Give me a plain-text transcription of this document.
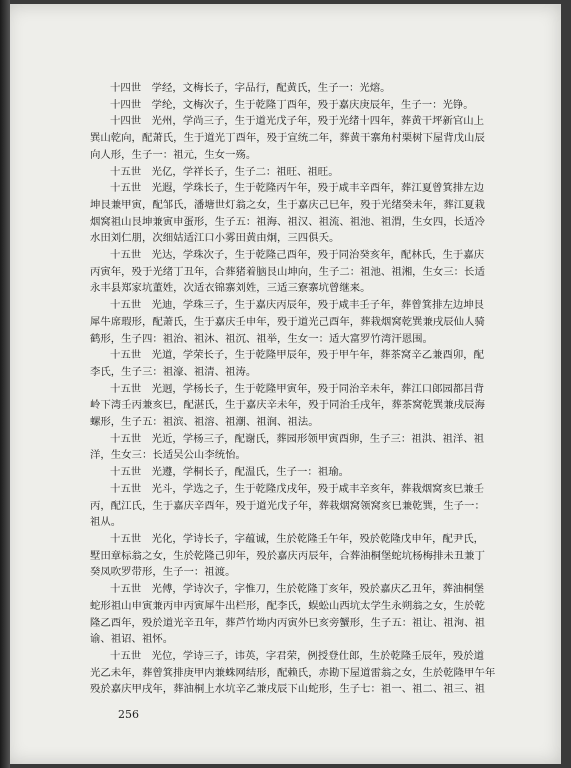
十四世　学经，文梅长子，字品行，配黄氏，生子一：光熔。

十四世　学纶，文梅次子，生于乾隆丁酉年，殁于嘉庆庚辰年，生子一：光铮。

十四世　光州，学尚三子，生于道光戊子年，殁于光绪十四年，葬黄干坪新官山上
巽山乾向，配萧氏，生于道光丁酉年，殁于宣统二年，葬黄干寨角村栗树下屋背戊山辰
向人形，生子一：祖元，生女一殇。

十五世　光亿，学祥长子，生子二：祖旺、祖旺。

十五世　光遐，学珠长子，生于乾隆丙午年，殁于咸丰辛酉年，葬江夏曾箕排左边
坤艮兼甲寅，配邹氏，潘塘世灯翁之女，生于嘉庆己巳年，殁于光绪癸未年，葬江夏栽
烟窝祖山艮坤兼寅申蛋形，生子五：祖海、祖汉、祖流、祖池、祖渭，生女四，长适冷
水田刘仁朋，次细姑适江口小雾田黄由炯，三四俱夭。

十五世　光达，学珠次子，生于乾隆己酉年，殁于同治癸亥年，配林氏，生于嘉庆
丙寅年，殁于光绪丁丑年，合葬猪着脑艮山坤向，生子二：祖池、祖湘，生女三：长适
永丰县郑家坑董姓，次适衣锦寨刘姓，三适三寮寨坑曾继来。

十五世　光迪，学珠三子，生于嘉庆丙辰年，殁于咸丰壬子年，葬曾箕排左边坤艮
犀牛席瑕形，配萧氏，生于嘉庆壬申年，殁于道光己酉年，葬栽烟窝乾巽兼戌辰仙人骑
鹤形，生子四：祖治、祖沐、祖沉、祖举，生女一：适大富罗竹湾汗恩围。

十五世　光道，学荣长子，生于乾隆甲辰年，殁于甲午年，葬茶窝辛乙兼酉卯，配
李氏，生子三：祖濠、祖清、祖涛。

十五世　光迥，学杨长子，生于乾隆甲寅年，殁于同治辛未年，葬江口郎园都吕背
岭下湾壬丙兼亥巳，配湛氏，生于嘉庆辛未年，殁于同治壬戌年，葬茶窝乾巽兼戌辰海
螺形，生子五：祖滨、祖溶、祖潮、祖润、祖法。

十五世　光近，学杨三子，配谢氏，葬园形领甲寅酉卵，生子三：祖洪、祖洋、祖
洋，生女三：长适吴公山李统怡。

十五世　光遵，学桐长子，配温氏，生子一：祖瑜。

十五世　光斗，学选之子，生于乾隆戊戌年，殁于咸丰辛亥年，葬栽烟窝亥巳兼壬
丙，配江氏，生于嘉庆辛酉年，殁于道光戊子年，葬栽烟窝领窝亥巳兼乾巽，生子一：
祖从。

十五世　光化，学诗长子，字蕴诚，生於乾隆壬午年，殁於乾隆戊申年，配尹氏，
墅田章标翁之女，生於乾隆己卯年，殁於嘉庆丙辰年，合葬油桐堡蛇坑杨梅排未丑兼丁
癸凤吹罗带形，生子一：祖渡。

十五世　光傅，学诗次子，字惟刀，生於乾隆丁亥年，殁於嘉庆乙丑年，葬油桐堡
蛇形祖山申寅兼丙申丙寅犀牛出栏形，配李氏，蜈蚣山西坑太学生永朔翁之女，生於乾
隆乙酉年，殁於道光辛丑年，葬芦竹坳内丙寅外巳亥旁蟹形，生子五：祖让、祖洵、祖
谕、祖诏、祖怀。

十五世　光位，学诗三子，讳英，字君荣，例授登仕郎，生於乾隆壬辰年，殁於道
光乙未年，葬曾箕排庚甲内兼蛛网结形，配赖氏，赤勘下屋道雷翁之女，生於乾隆甲午年
殁於嘉庆甲戌年，葬油桐上水坑辛乙兼戌辰下山蛇形，生子七：祖一、祖二、祖三、祖

256
